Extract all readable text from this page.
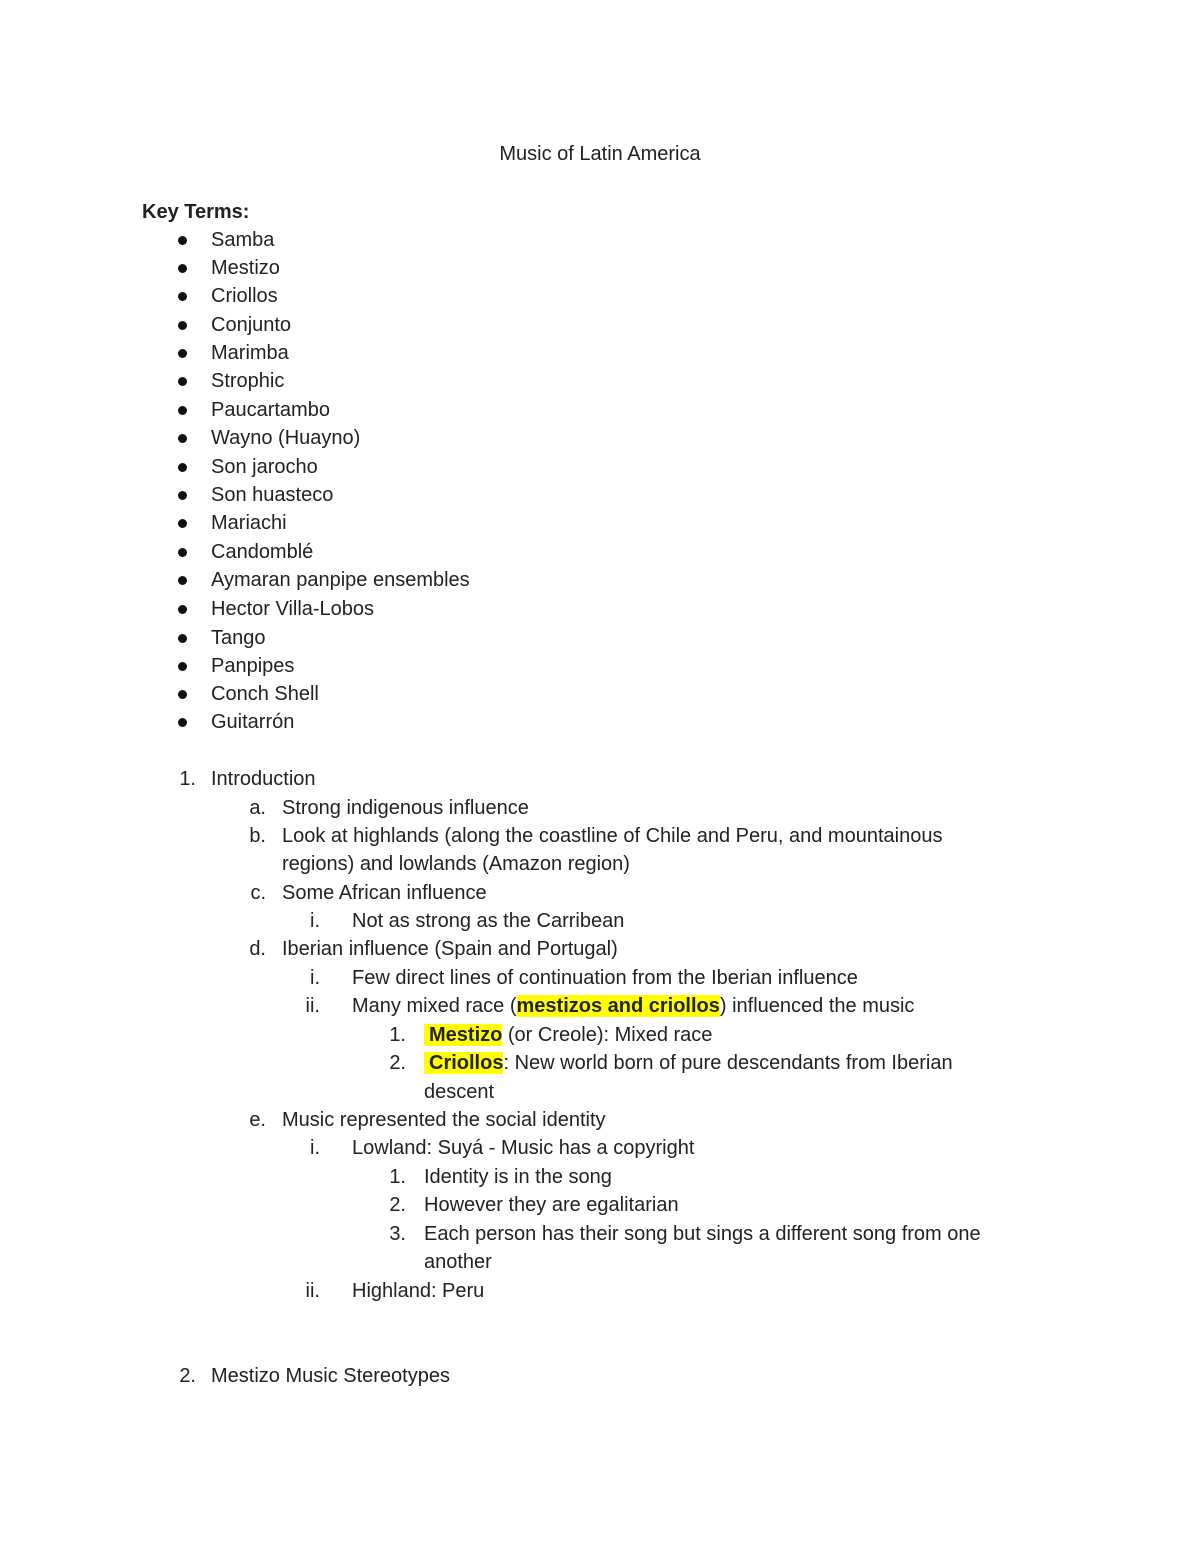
Music of Latin America
Key Terms:
Samba
Mestizo
Criollos
Conjunto
Marimba
Strophic
Paucartambo
Wayno (Huayno)
Son jarocho
Son huasteco
Mariachi
Candomblé
Aymaran panpipe ensembles
Hector Villa-Lobos
Tango
Panpipes
Conch Shell
Guitarrón
1. Introduction
a. Strong indigenous influence
b. Look at highlands (along the coastline of Chile and Peru, and mountainous
regions) and lowlands (Amazon region)
c. Some African influence
i. Not as strong as the Carribean
d. Iberian influence (Spain and Portugal)
i. Few direct lines of continuation from the Iberian influence
ii. Many mixed race (mestizos and criollos) influenced the music
1. Mestizo (or Creole): Mixed race
2. Criollos: New world born of pure descendants from Iberian
descent
e. Music represented the social identity
i. Lowland: Suyá - Music has a copyright
1. Identity is in the song
2. However they are egalitarian
3. Each person has their song but sings a different song from one
another
ii. Highland: Peru
2. Mestizo Music Stereotypes
